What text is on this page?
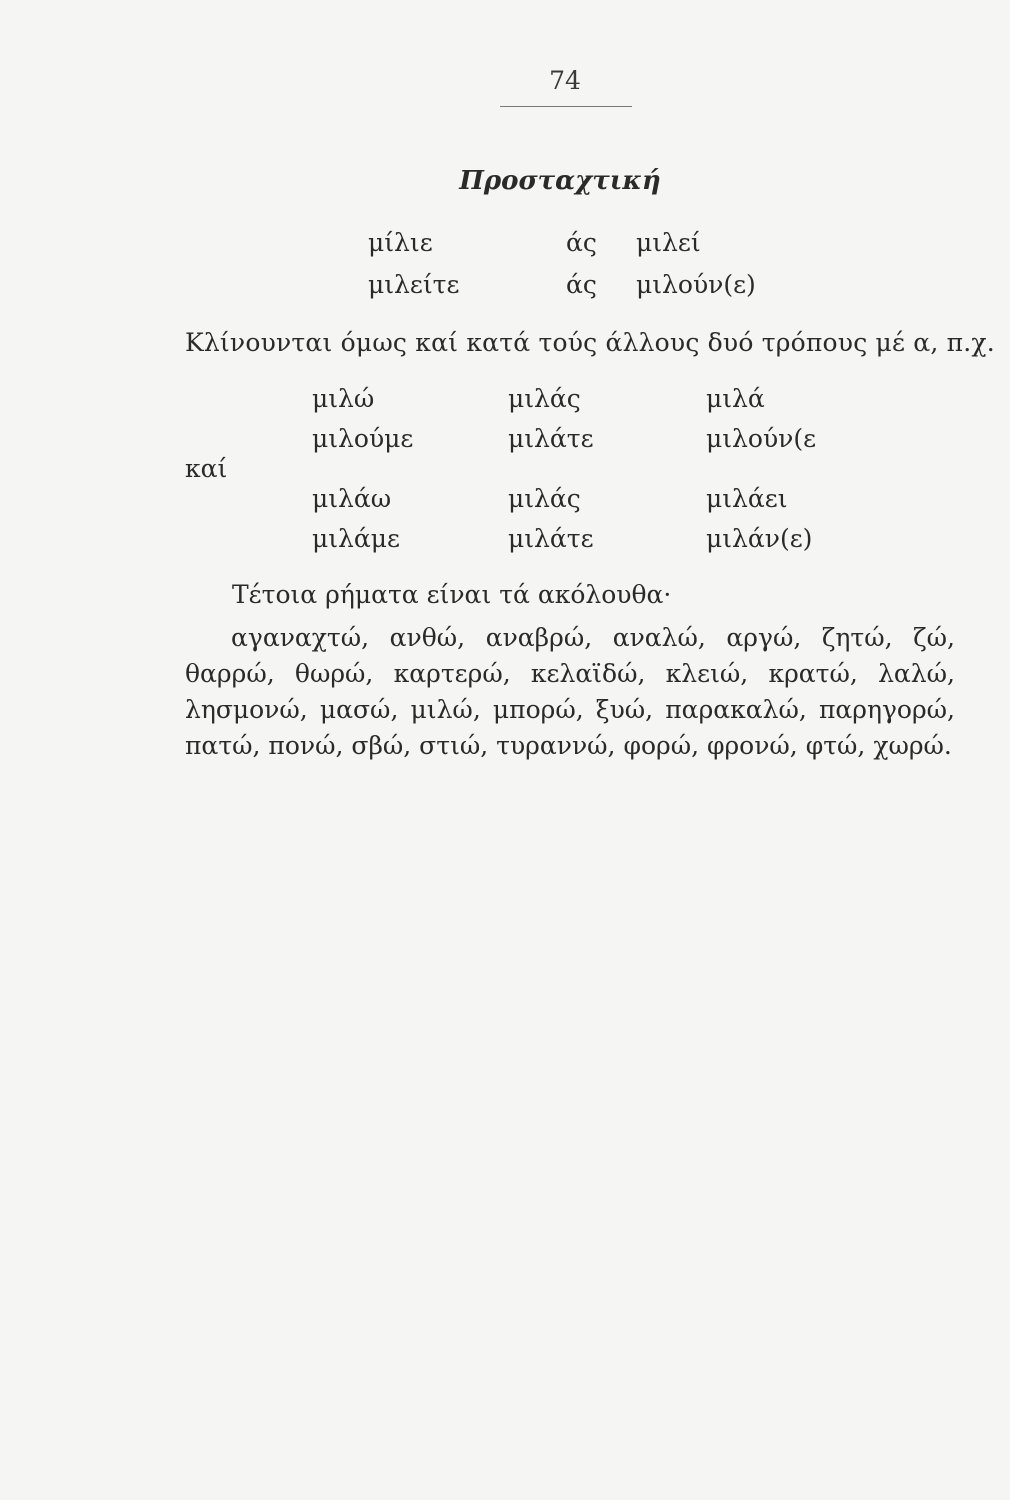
74
Προσταχτική
μίλιε	άς μιλεί
μιλείτε	άς μιλούν(ε)
Κλίνουνται όμως καί κατά τούς άλλους δυό τρόπους μέ α, π.χ.
μιλώ	μιλάς	μιλά
μιλούμε	μιλάτε	μιλούν(ε
καί
μιλάω	μιλάς	μιλάει
μιλάμε	μιλάτε	μιλάν(ε)
Τέτοια ρήματα είναι τά ακόλουθα·
αγαναχτώ, ανθώ, αναβρώ, αναλώ, αργώ, ζητώ, ζώ, θαρρώ, θωρώ, καρτερώ, κελαϊδώ, κλειώ, κρατώ, λαλώ, λησμονώ, μασώ, μιλώ, μπορώ, ξυώ, παρακαλώ, παρηγορώ, πατώ, πονώ, σβώ, στιώ, τυραννώ, φορώ, φρονώ, φτώ, χωρώ.
